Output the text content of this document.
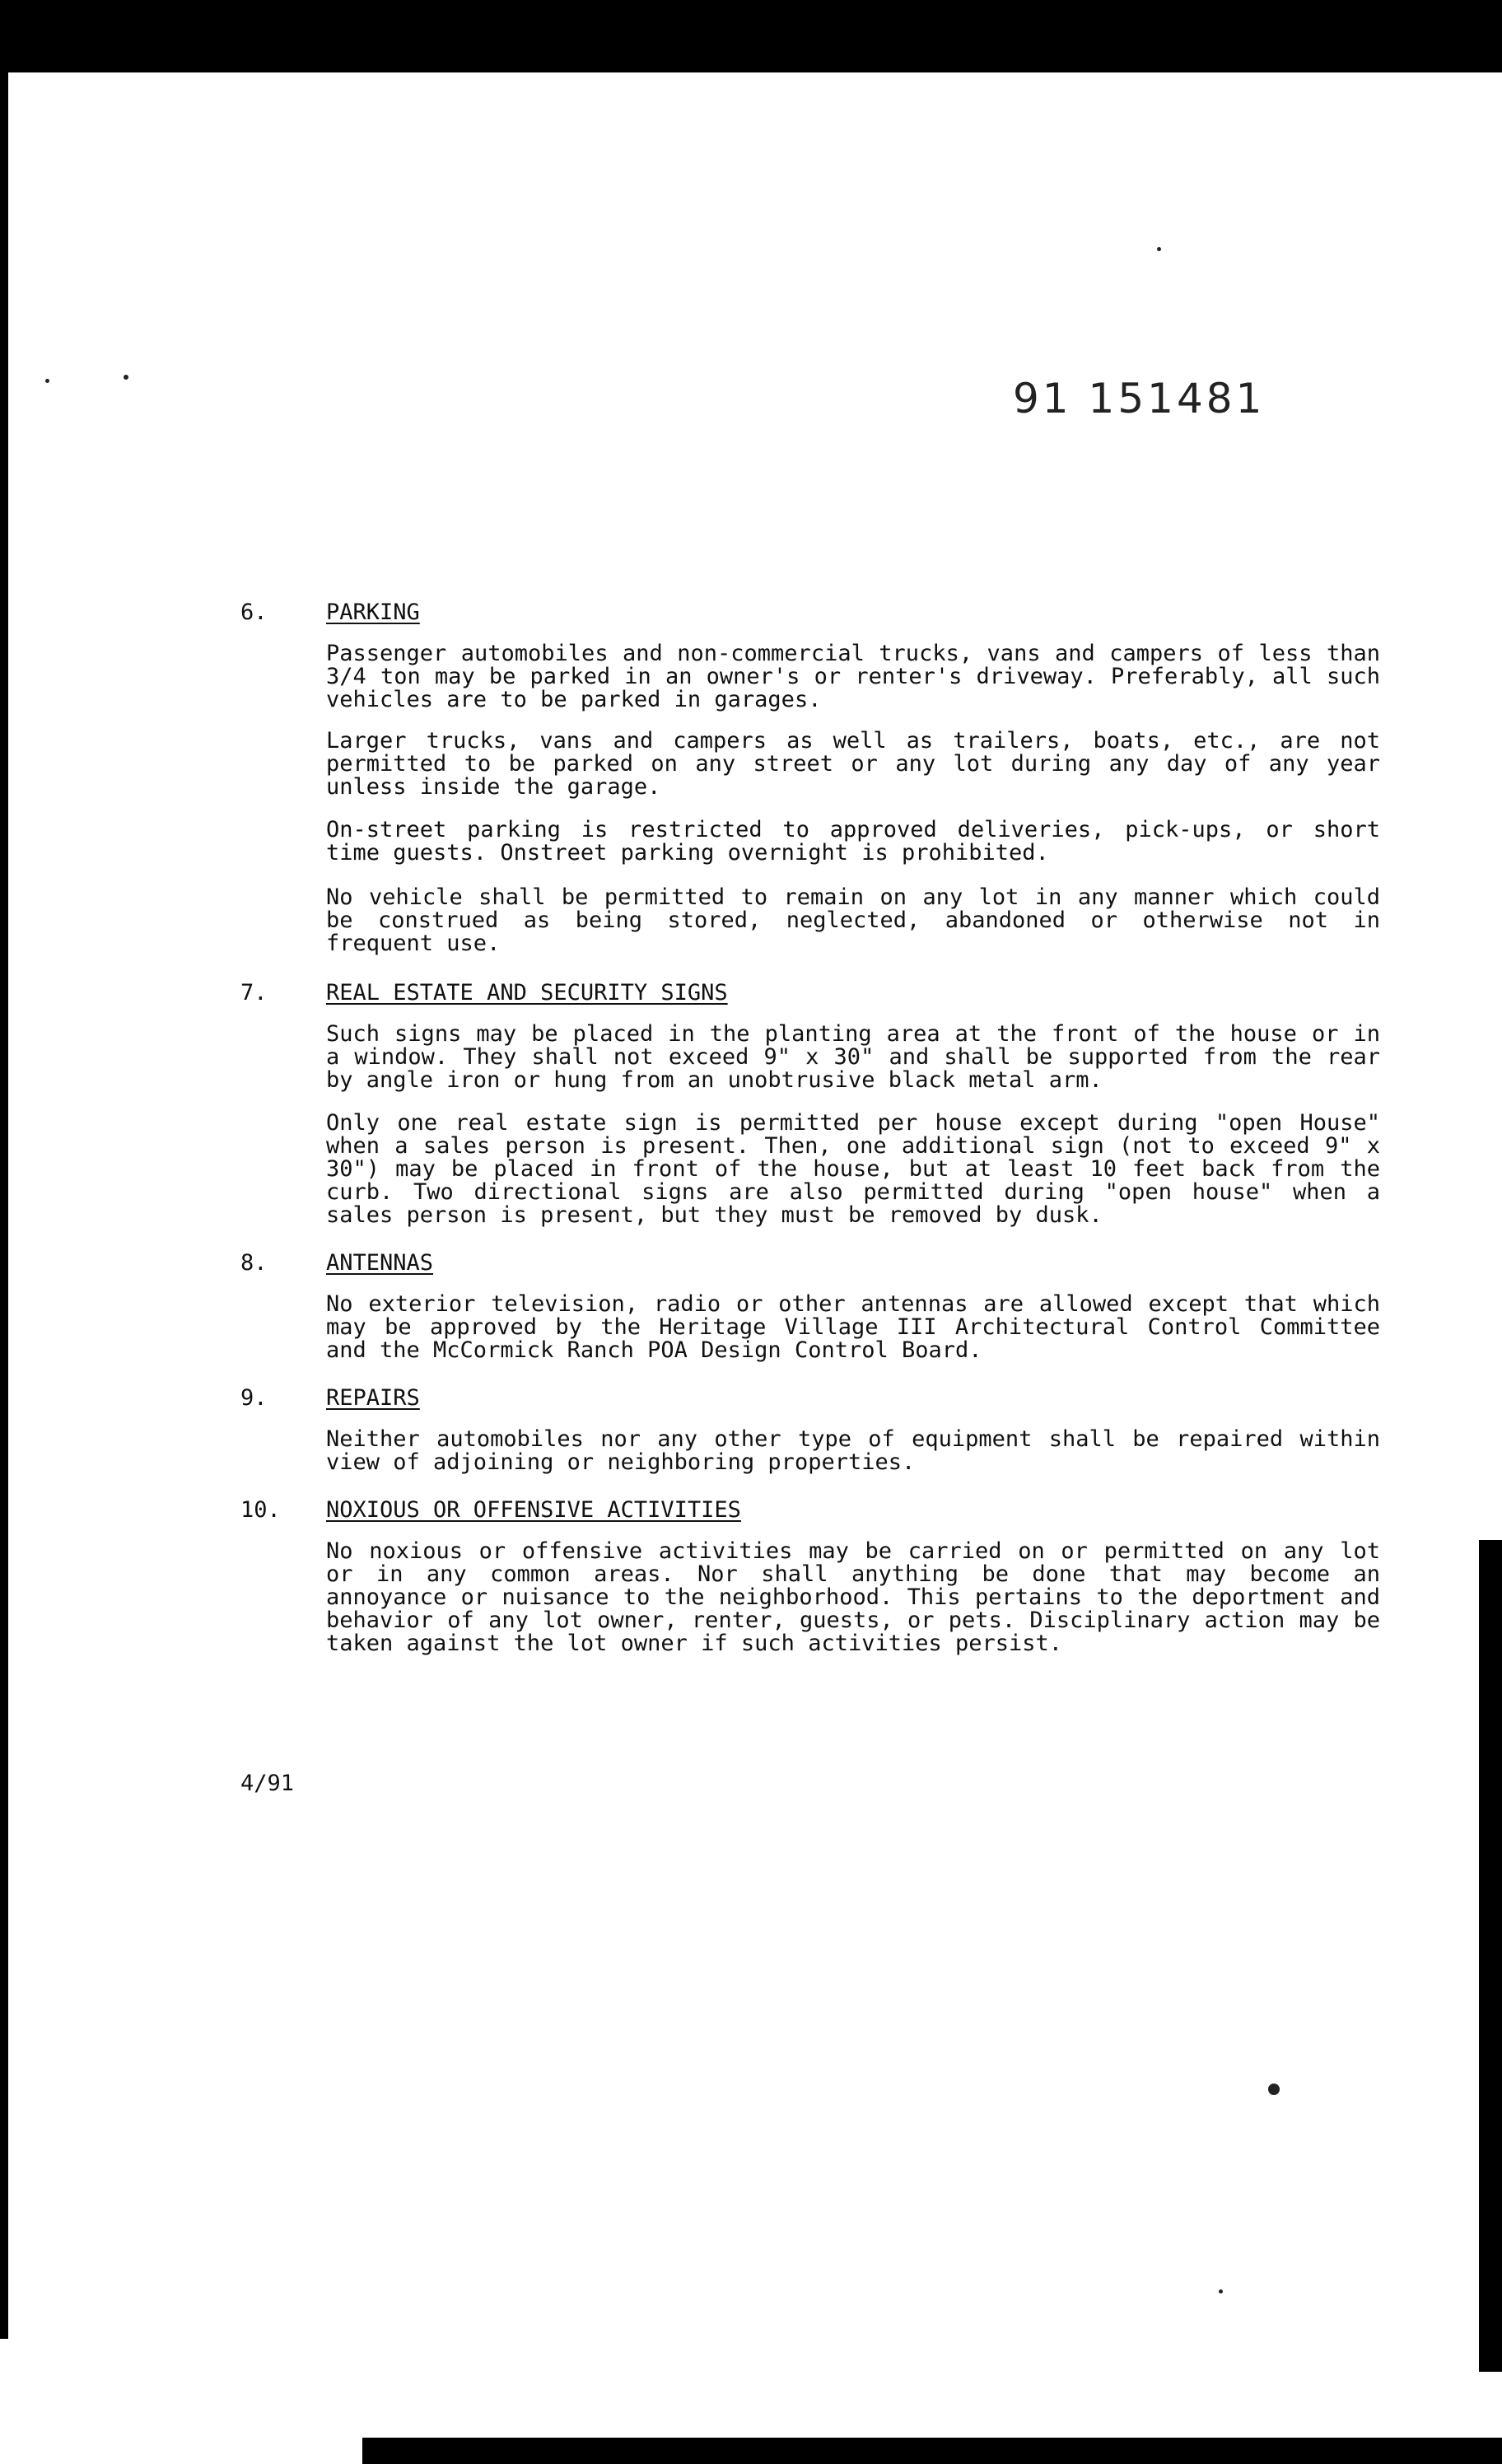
91 151481
6.	PARKING
Passenger automobiles and non-commercial trucks, vans and campers of less than 3/4 ton may be parked in an owner's or renter's driveway. Preferably, all such vehicles are to be parked in garages.
Larger trucks, vans and campers as well as trailers, boats, etc., are not permitted to be parked on any street or any lot during any day of any year unless inside the garage.
On-street parking is restricted to approved deliveries, pick-ups, or short time guests. Onstreet parking overnight is prohibited.
No vehicle shall be permitted to remain on any lot in any manner which could be construed as being stored, neglected, abandoned or otherwise not in frequent use.
7.	REAL ESTATE AND SECURITY SIGNS
Such signs may be placed in the planting area at the front of the house or in a window. They shall not exceed 9" x 30" and shall be supported from the rear by angle iron or hung from an unobtrusive black metal arm.
Only one real estate sign is permitted per house except during "open House" when a sales person is present. Then, one additional sign (not to exceed 9" x 30") may be placed in front of the house, but at least 10 feet back from the curb. Two directional signs are also permitted during "open house" when a sales person is present, but they must be removed by dusk.
8.	ANTENNAS
No exterior television, radio or other antennas are allowed except that which may be approved by the Heritage Village III Architectural Control Committee and the McCormick Ranch POA Design Control Board.
9.	REPAIRS
Neither automobiles nor any other type of equipment shall be repaired within view of adjoining or neighboring properties.
10. NOXIOUS OR OFFENSIVE ACTIVITIES
No noxious or offensive activities may be carried on or permitted on any lot or in any common areas. Nor shall anything be done that may become an annoyance or nuisance to the neighborhood. This pertains to the deportment and behavior of any lot owner, renter, guests, or pets. Disciplinary action may be taken against the lot owner if such activities persist.
4/91
